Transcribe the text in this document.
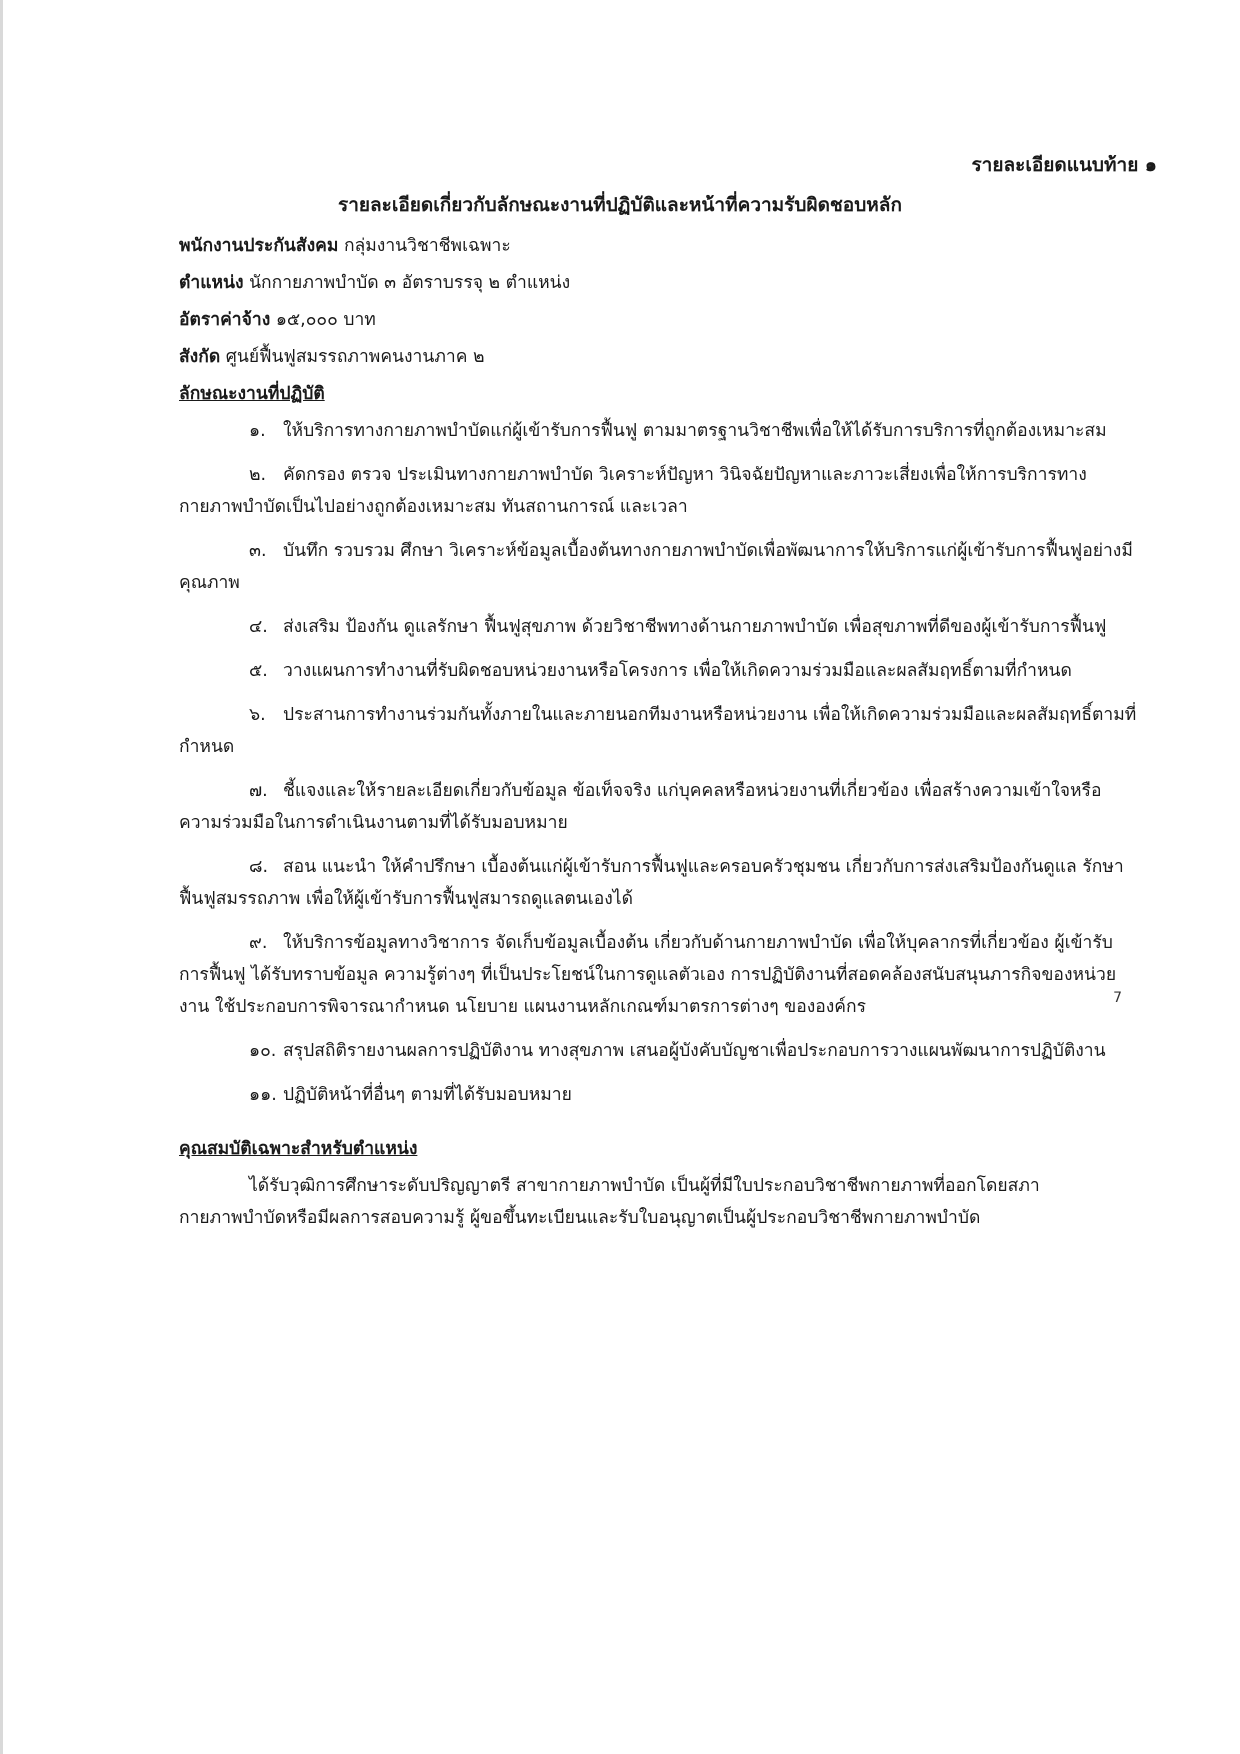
รายละเอียดแนบท้าย ๑
รายละเอียดเกี่ยวกับลักษณะงานที่ปฏิบัติและหน้าที่ความรับผิดชอบหลัก
พนักงานประกันสังคม กลุ่มงานวิชาชีพเฉพาะ
ตำแหน่ง นักกายภาพบำบัด ๓ อัตราบรรจุ ๒ ตำแหน่ง
อัตราค่าจ้าง ๑๕,๐๐๐ บาท
สังกัด ศูนย์ฟื้นฟูสมรรถภาพคนงานภาค ๒
ลักษณะงานที่ปฏิบัติ

๑. ให้บริการทางกายภาพบำบัดแก่ผู้เข้ารับการฟื้นฟู ตามมาตรฐานวิชาชีพเพื่อให้ได้รับการบริการที่ถูกต้องเหมาะสม

๒. คัดกรอง ตรวจ ประเมินทางกายภาพบำบัด วิเคราะห์ปัญหา วินิจฉัยปัญหาและภาวะเสี่ยงเพื่อให้การบริการทางกายภาพบำบัดเป็นไปอย่างถูกต้องเหมาะสม ทันสถานการณ์ และเวลา

๓. บันทึก รวบรวม ศึกษา วิเคราะห์ข้อมูลเบื้องต้นทางกายภาพบำบัดเพื่อพัฒนาการให้บริการแก่ผู้เข้ารับการฟื้นฟูอย่างมีคุณภาพ

๔. ส่งเสริม ป้องกัน ดูแลรักษา ฟื้นฟูสุขภาพ ด้วยวิชาชีพทางด้านกายภาพบำบัด เพื่อสุขภาพที่ดีของผู้เข้ารับการฟื้นฟู

๕. วางแผนการทำงานที่รับผิดชอบหน่วยงานหรือโครงการ เพื่อให้เกิดความร่วมมือและผลสัมฤทธิ์ตามที่กำหนด

๖. ประสานการทำงานร่วมกันทั้งภายในและภายนอกทีมงานหรือหน่วยงาน เพื่อให้เกิดความร่วมมือและผลสัมฤทธิ์ตามที่กำหนด

๗. ชี้แจงและให้รายละเอียดเกี่ยวกับข้อมูล ข้อเท็จจริง แก่บุคคลหรือหน่วยงานที่เกี่ยวข้อง เพื่อสร้างความเข้าใจหรือความร่วมมือในการดำเนินงานตามที่ได้รับมอบหมาย

๘. สอน แนะนำ ให้คำปรึกษา เบื้องต้นแก่ผู้เข้ารับการฟื้นฟูและครอบครัวชุมชน เกี่ยวกับการส่งเสริมป้องกันดูแล รักษา ฟื้นฟูสมรรถภาพ เพื่อให้ผู้เข้ารับการฟื้นฟูสมารถดูแลตนเองได้

๙. ให้บริการข้อมูลทางวิชาการ จัดเก็บข้อมูลเบื้องต้น เกี่ยวกับด้านกายภาพบำบัด เพื่อให้บุคลากรที่เกี่ยวข้อง ผู้เข้ารับการฟื้นฟู ได้รับทราบข้อมูล ความรู้ต่างๆ ที่เป็นประโยชน์ในการดูแลตัวเอง การปฏิบัติงานที่สอดคล้องสนับสนุนภารกิจของหน่วยงาน ใช้ประกอบการพิจารณากำหนด นโยบาย แผนงานหลักเกณฑ์มาตรการต่างๆ ขององค์กร

๑๐. สรุปสถิติรายงานผลการปฏิบัติงาน ทางสุขภาพ เสนอผู้บังคับบัญชาเพื่อประกอบการวางแผนพัฒนาการปฏิบัติงาน

๑๑. ปฏิบัติหน้าที่อื่นๆ ตามที่ได้รับมอบหมาย

คุณสมบัติเฉพาะสำหรับตำแหน่ง

ได้รับวุฒิการศึกษาระดับปริญญาตรี สาขากายภาพบำบัด เป็นผู้ที่มีใบประกอบวิชาชีพกายภาพที่ออกโดยสภากายภาพบำบัดหรือมีผลการสอบความรู้ ผู้ขอขึ้นทะเบียนและรับใบอนุญาตเป็นผู้ประกอบวิชาชีพกายภาพบำบัด

7
